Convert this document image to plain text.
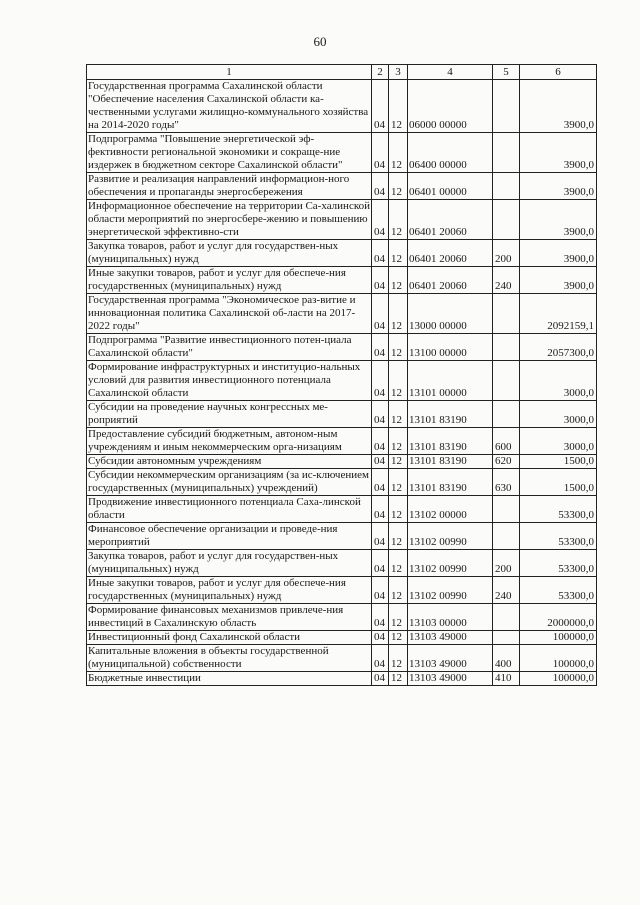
60
1	2	3	4	5	6
Государственная программа Сахалинской области "Обеспечение населения Сахалинской области ка-чественными услугами жилищно-коммунального хозяйства на 2014-2020 годы"	04	12	06000 00000		3900,0
Подпрограмма "Повышение энергетической эф-фективности региональной экономики и сокраще-ние издержек в бюджетном секторе Сахалинской области"	04	12	06400 00000		3900,0
Развитие и реализация направлений информацион-ного обеспечения и пропаганды энергосбережения	04	12	06401 00000		3900,0
Информационное обеспечение на территории Са-халинской области мероприятий по энергосбере-жению и повышению энергетической эффективно-сти	04	12	06401 20060		3900,0
Закупка товаров, работ и услуг для государствен-ных (муниципальных) нужд	04	12	06401 20060	200	3900,0
Иные закупки товаров, работ и услуг для обеспече-ния государственных (муниципальных) нужд	04	12	06401 20060	240	3900,0
Государственная программа "Экономическое раз-витие и инновационная политика Сахалинской об-ласти на 2017-2022 годы"	04	12	13000 00000		2092159,1
Подпрограмма "Развитие инвестиционного потен-циала Сахалинской области"	04	12	13100 00000		2057300,0
Формирование инфраструктурных и институцио-нальных условий для развития инвестиционного потенциала Сахалинской области	04	12	13101 00000		3000,0
Субсидии на проведение научных конгрессных ме-роприятий	04	12	13101 83190		3000,0
Предоставление субсидий бюджетным, автоном-ным учреждениям и иным некоммерческим орга-низациям	04	12	13101 83190	600	3000,0
Субсидии автономным учреждениям	04	12	13101 83190	620	1500,0
Субсидии некоммерческим организациям (за ис-ключением государственных (муниципальных) учреждений)	04	12	13101 83190	630	1500,0
Продвижение инвестиционного потенциала Саха-линской области	04	12	13102 00000		53300,0
Финансовое обеспечение организации и проведе-ния мероприятий	04	12	13102 00990		53300,0
Закупка товаров, работ и услуг для государствен-ных (муниципальных) нужд	04	12	13102 00990	200	53300,0
Иные закупки товаров, работ и услуг для обеспече-ния государственных (муниципальных) нужд	04	12	13102 00990	240	53300,0
Формирование финансовых механизмов привлече-ния инвестиций в Сахалинскую область	04	12	13103 00000		2000000,0
Инвестиционный фонд Сахалинской области	04	12	13103 49000		100000,0
Капитальные вложения в объекты государственной (муниципальной) собственности	04	12	13103 49000	400	100000,0
Бюджетные инвестиции	04	12	13103 49000	410	100000,0
